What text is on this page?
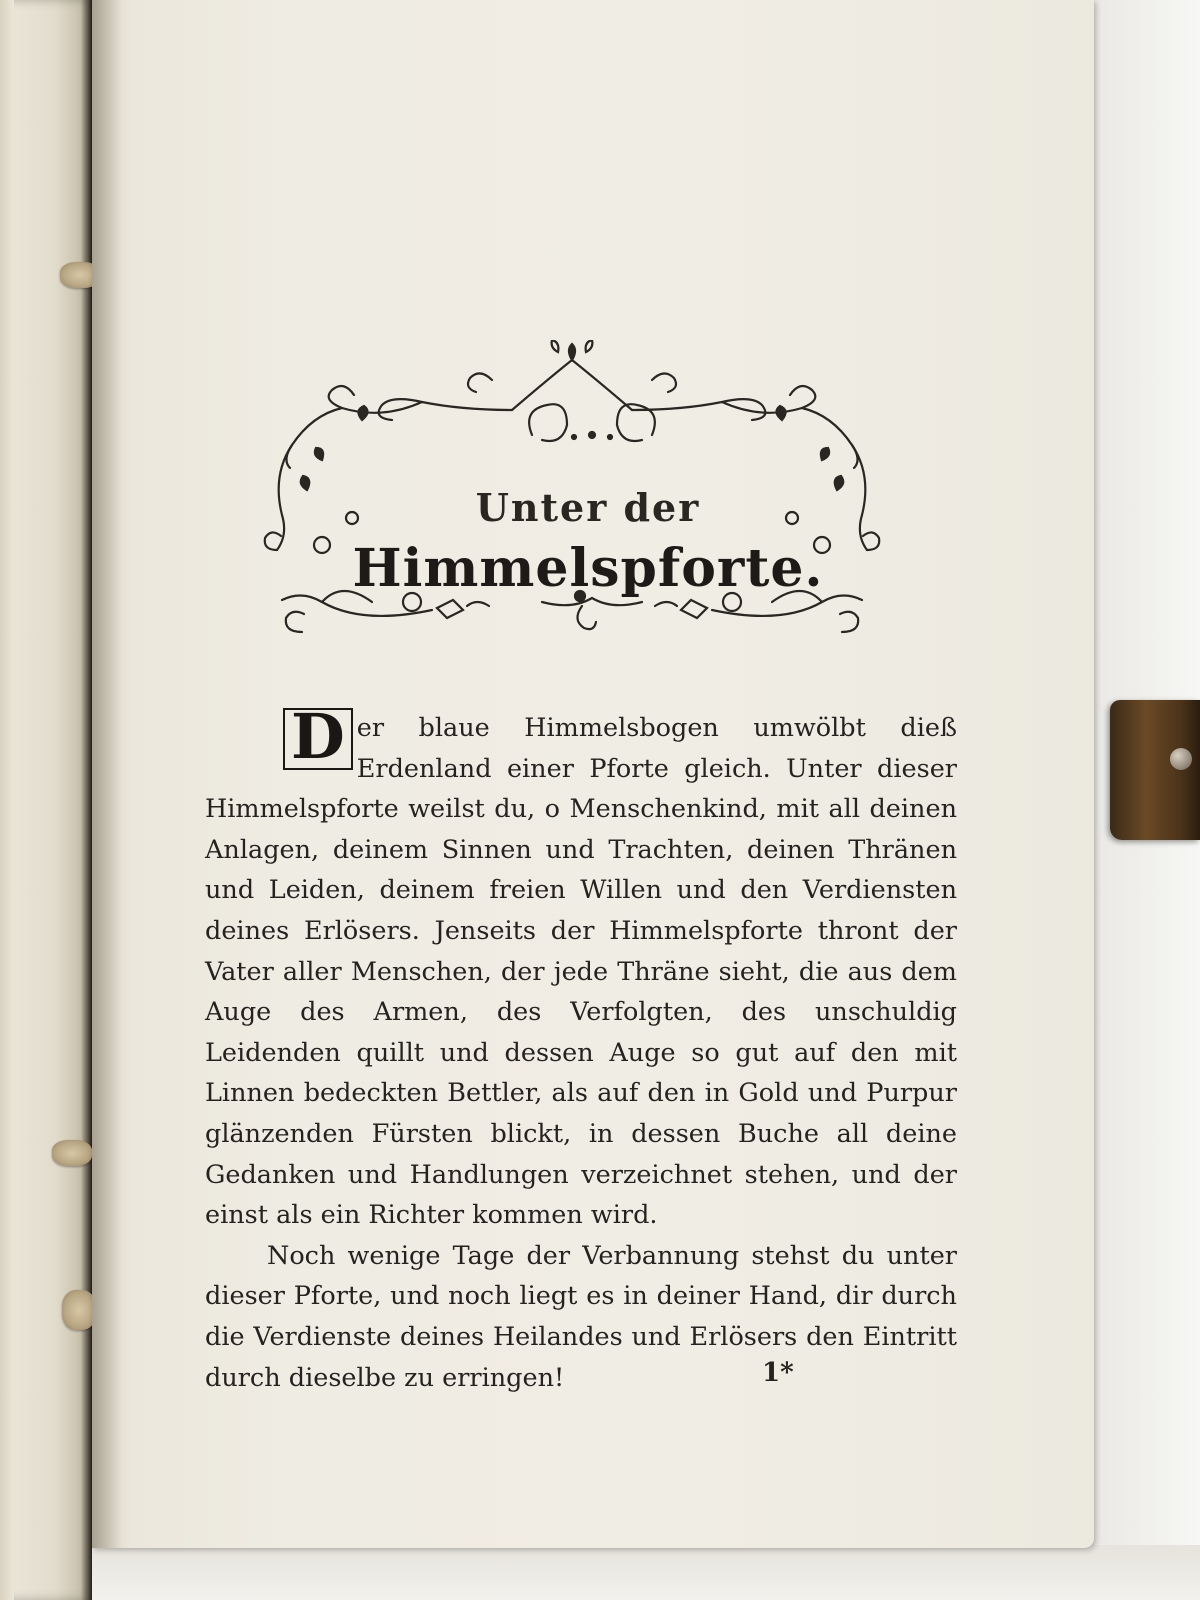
Unter der
Himmelspforte.

D er blaue Himmelsbogen umwölbt dieß Erdenland einer Pforte gleich. Unter dieser Himmelspforte weilst du, o Menschenkind, mit all deinen Anlagen, deinem Sinnen und Trachten, deinen Thränen und Leiden, deinem freien Willen und den Verdiensten deines Erlösers. Jenseits der Himmelspforte thront der Vater aller Menschen, der jede Thräne sieht, die aus dem Auge des Armen, des Verfolgten, des unschuldig Leidenden quillt und dessen Auge so gut auf den mit Linnen bedeckten Bettler, als auf den in Gold und Purpur glänzenden Fürsten blickt, in dessen Buche all deine Gedanken und Handlungen verzeichnet stehen, und der einst als ein Richter kommen wird.

Noch wenige Tage der Verbannung stehst du unter dieser Pforte, und noch liegt es in deiner Hand, dir durch die Verdienste deines Heilandes und Erlösers den Eintritt durch dieselbe zu erringen!	1*
